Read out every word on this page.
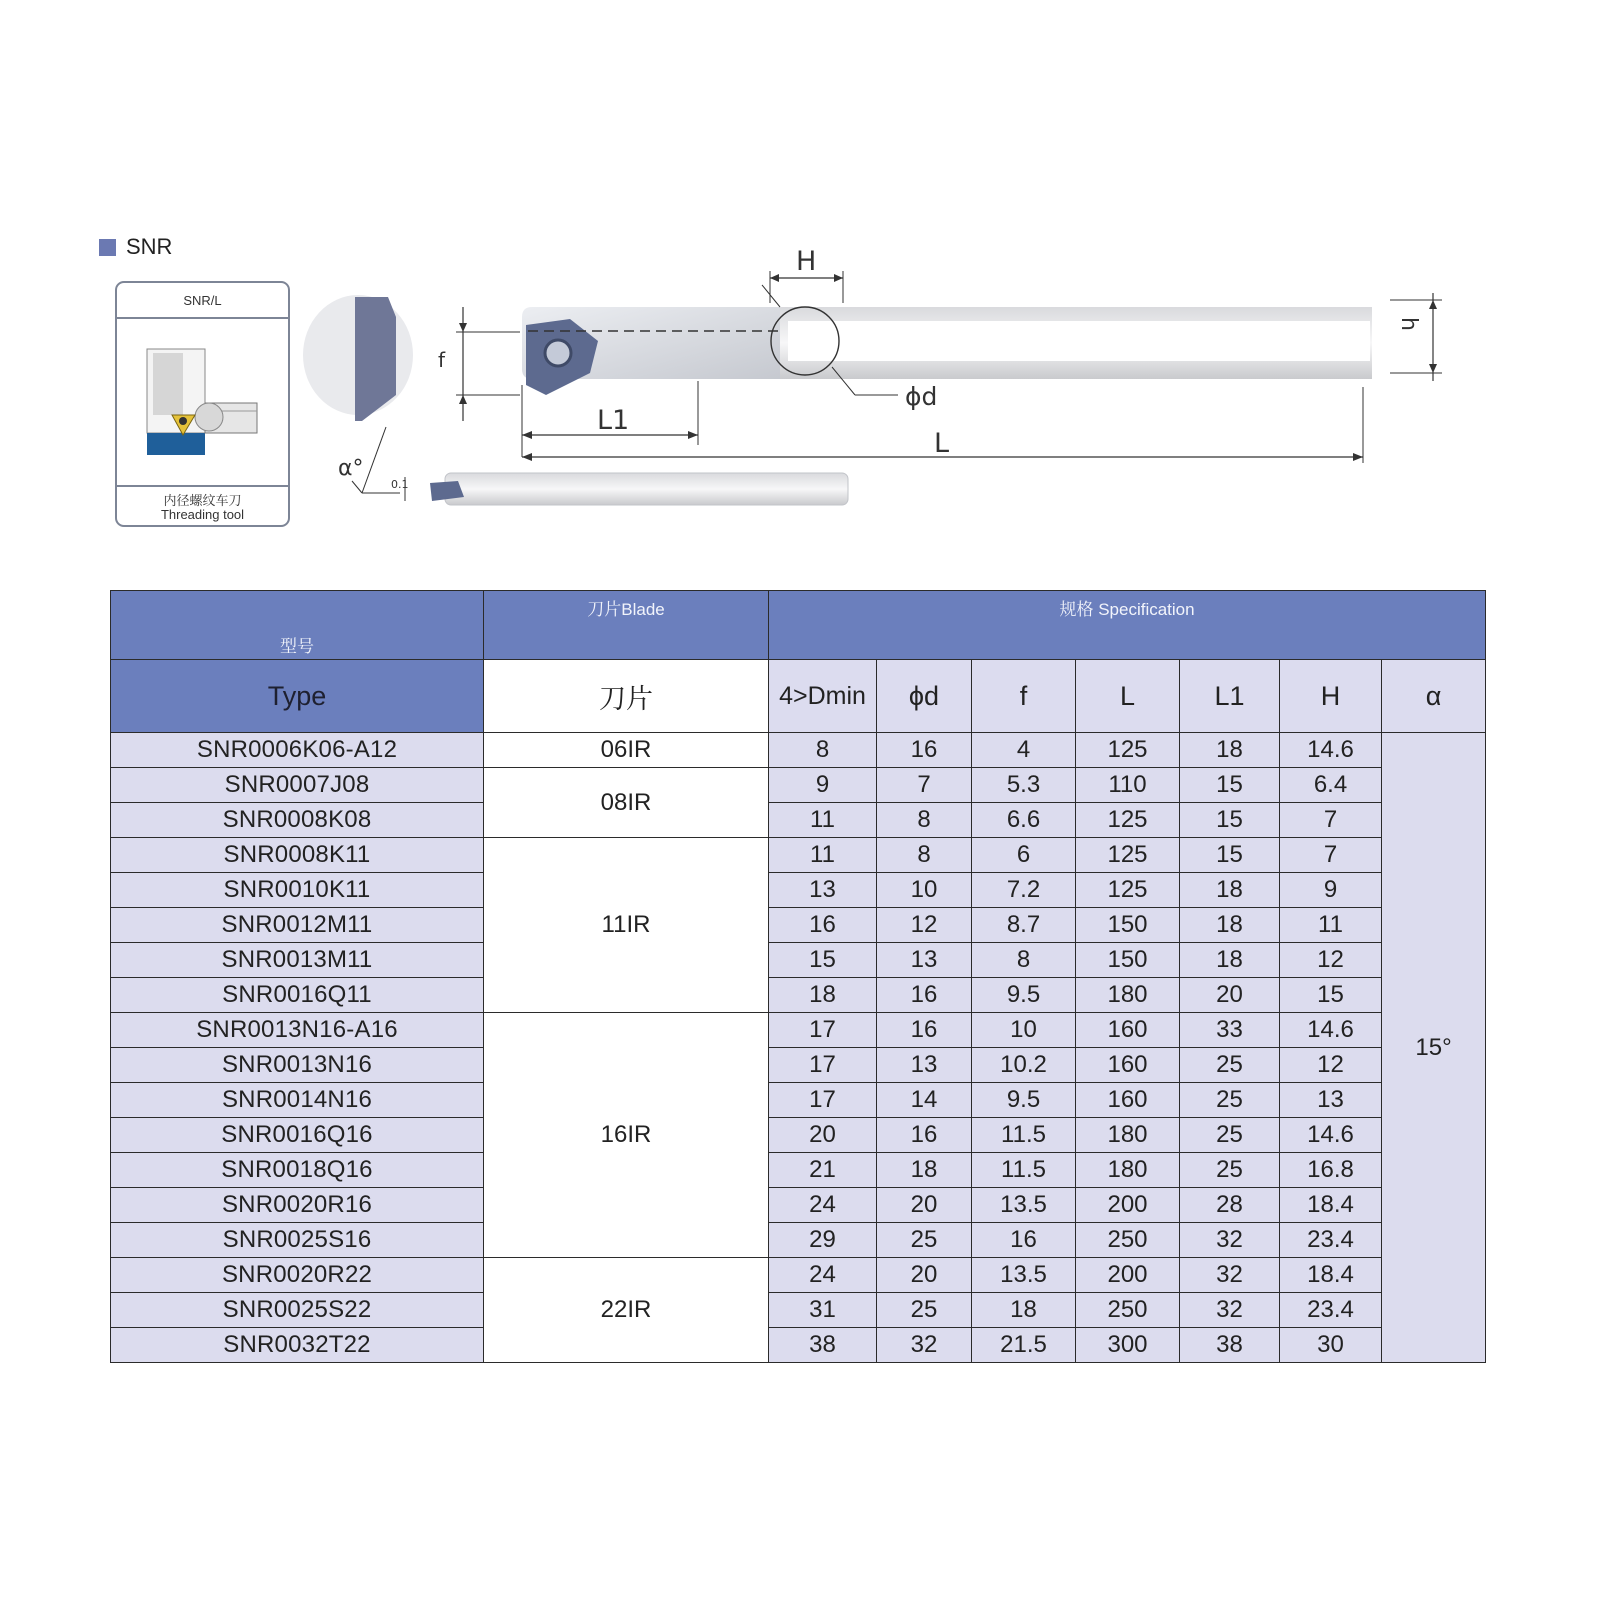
SNR
SNR/L
内径螺纹车刀
Threading tool
f
H
ϕd
h
L1
L
α°
0.1
型号	刀片Blade	规格 Specification						
Type	刀片	4>Dmin	ϕd	f	L	L1	H	α
SNR0006K06-A12	06IR	8	16	4	125	18	14.6	15°
SNR0007J08	08IR	9	7	5.3	110	15	6.4	
SNR0008K08		11	8	6.6	125	15	7	
SNR0008K11	11IR	11	8	6	125	15	7	
SNR0010K11		13	10	7.2	125	18	9	
SNR0012M11		16	12	8.7	150	18	11	
SNR0013M11		15	13	8	150	18	12	
SNR0016Q11		18	16	9.5	180	20	15	
SNR0013N16-A16	16IR	17	16	10	160	33	14.6	
SNR0013N16		17	13	10.2	160	25	12	
SNR0014N16		17	14	9.5	160	25	13	
SNR0016Q16		20	16	11.5	180	25	14.6	
SNR0018Q16		21	18	11.5	180	25	16.8	
SNR0020R16		24	20	13.5	200	28	18.4	
SNR0025S16		29	25	16	250	32	23.4	
SNR0020R22	22IR	24	20	13.5	200	32	18.4	
SNR0025S22		31	25	18	250	32	23.4	
SNR0032T22		38	32	21.5	300	38	30	
